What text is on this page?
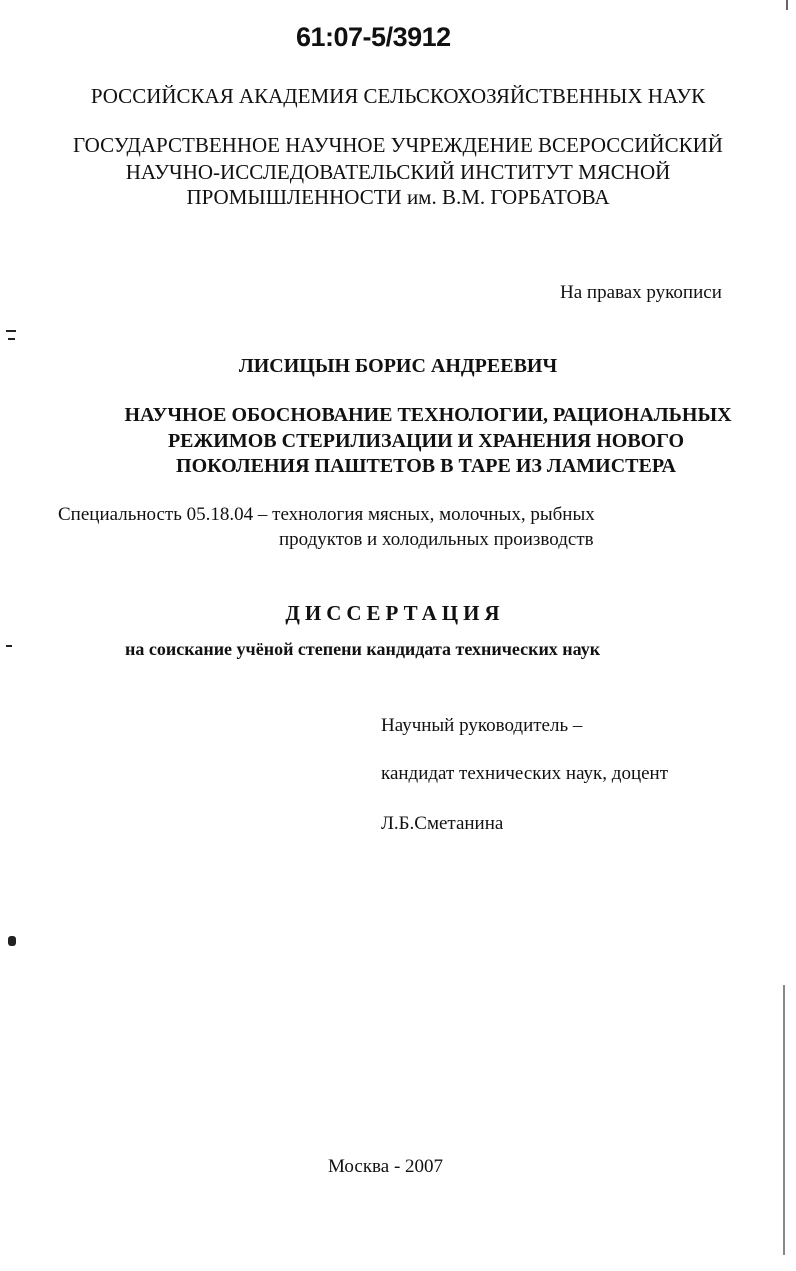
61:07-5/3912
РОССИЙСКАЯ АКАДЕМИЯ СЕЛЬСКОХОЗЯЙСТВЕННЫХ НАУК
ГОСУДАРСТВЕННОЕ НАУЧНОЕ УЧРЕЖДЕНИЕ ВСЕРОССИЙСКИЙ
НАУЧНО-ИССЛЕДОВАТЕЛЬСКИЙ ИНСТИТУТ МЯСНОЙ
ПРОМЫШЛЕННОСТИ им. В.М. ГОРБАТОВА
На правах рукописи
ЛИСИЦЫН БОРИС АНДРЕЕВИЧ
НАУЧНОЕ ОБОСНОВАНИЕ ТЕХНОЛОГИИ, РАЦИОНАЛЬНЫХ
РЕЖИМОВ СТЕРИЛИЗАЦИИ И ХРАНЕНИЯ НОВОГО
ПОКОЛЕНИЯ ПАШТЕТОВ В ТАРЕ ИЗ ЛАМИСТЕРА
Специальность 05.18.04 – технология мясных, молочных, рыбных
продуктов и холодильных производств
ДИССЕРТАЦИЯ
на соискание учёной степени кандидата технических наук
Научный руководитель –
кандидат технических наук, доцент
Л.Б.Сметанина
Москва - 2007
